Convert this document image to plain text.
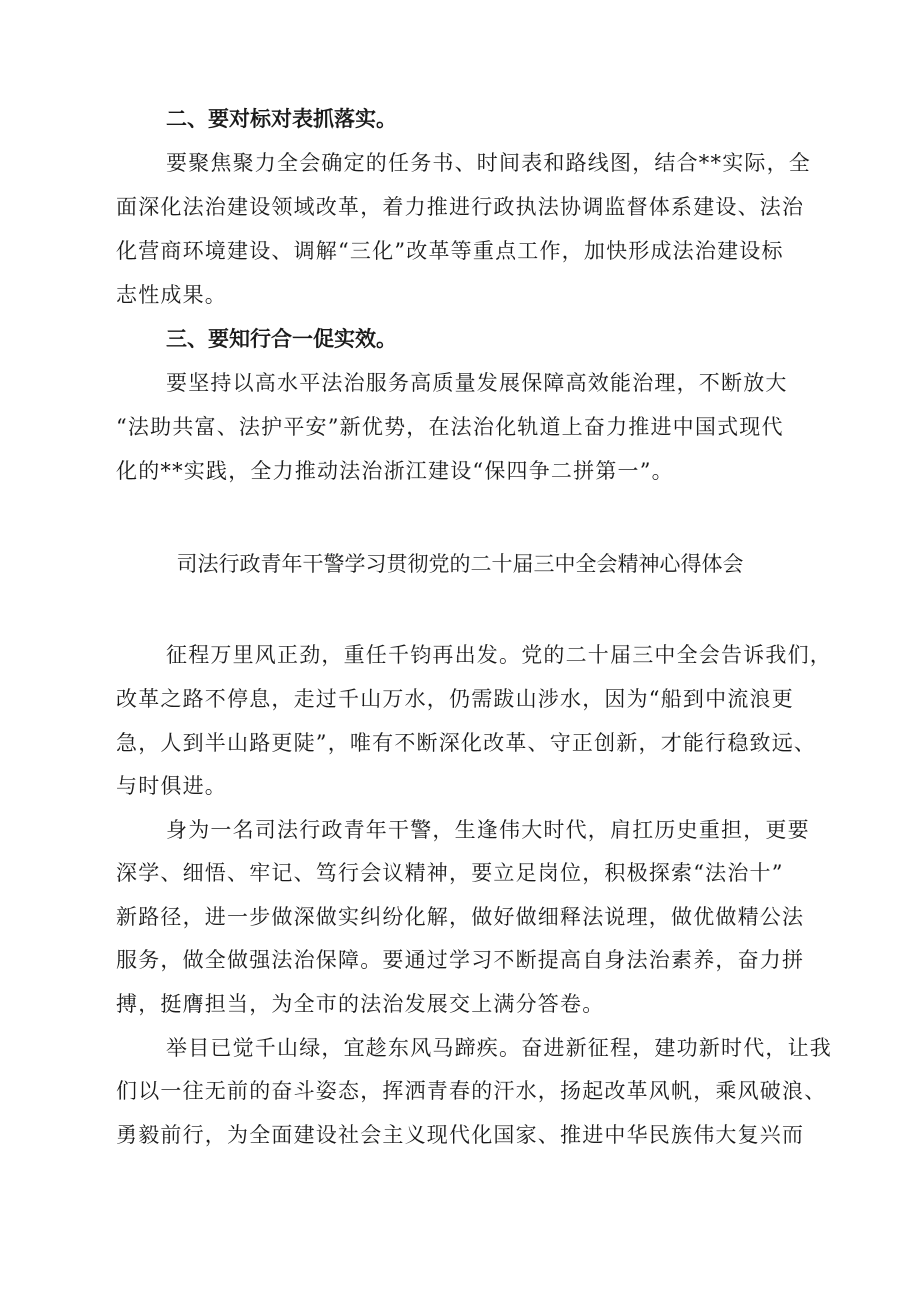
二、要对标对表抓落实。
要聚焦聚力全会确定的任务书、时间表和路线图，结合**实际，全
面深化法治建设领域改革，着力推进行政执法协调监督体系建设、法治
化营商环境建设、调解“三化”改革等重点工作，加快形成法治建设标
志性成果。
三、要知行合一促实效。
要坚持以高水平法治服务高质量发展保障高效能治理，不断放大
“法助共富、法护平安”新优势，在法治化轨道上奋力推进中国式现代
化的**实践，全力推动法治浙江建设“保四争二拼第一”。
司法行政青年干警学习贯彻党的二十届三中全会精神心得体会
征程万里风正劲，重任千钧再出发。党的二十届三中全会告诉我们，
改革之路不停息，走过千山万水，仍需跋山涉水，因为“船到中流浪更
急，人到半山路更陡”，唯有不断深化改革、守正创新，才能行稳致远、
与时俱进。
身为一名司法行政青年干警，生逢伟大时代，肩扛历史重担，更要
深学、细悟、牢记、笃行会议精神，要立足岗位，积极探索“法治十”
新路径，进一步做深做实纠纷化解，做好做细释法说理，做优做精公法
服务，做全做强法治保障。要通过学习不断提高自身法治素养，奋力拼
搏，挺膺担当，为全市的法治发展交上满分答卷。
举目已觉千山绿，宜趁东风马蹄疾。奋进新征程，建功新时代，让我
们以一往无前的奋斗姿态，挥洒青春的汗水，扬起改革风帆，乘风破浪、
勇毅前行，为全面建设社会主义现代化国家、推进中华民族伟大复兴而
